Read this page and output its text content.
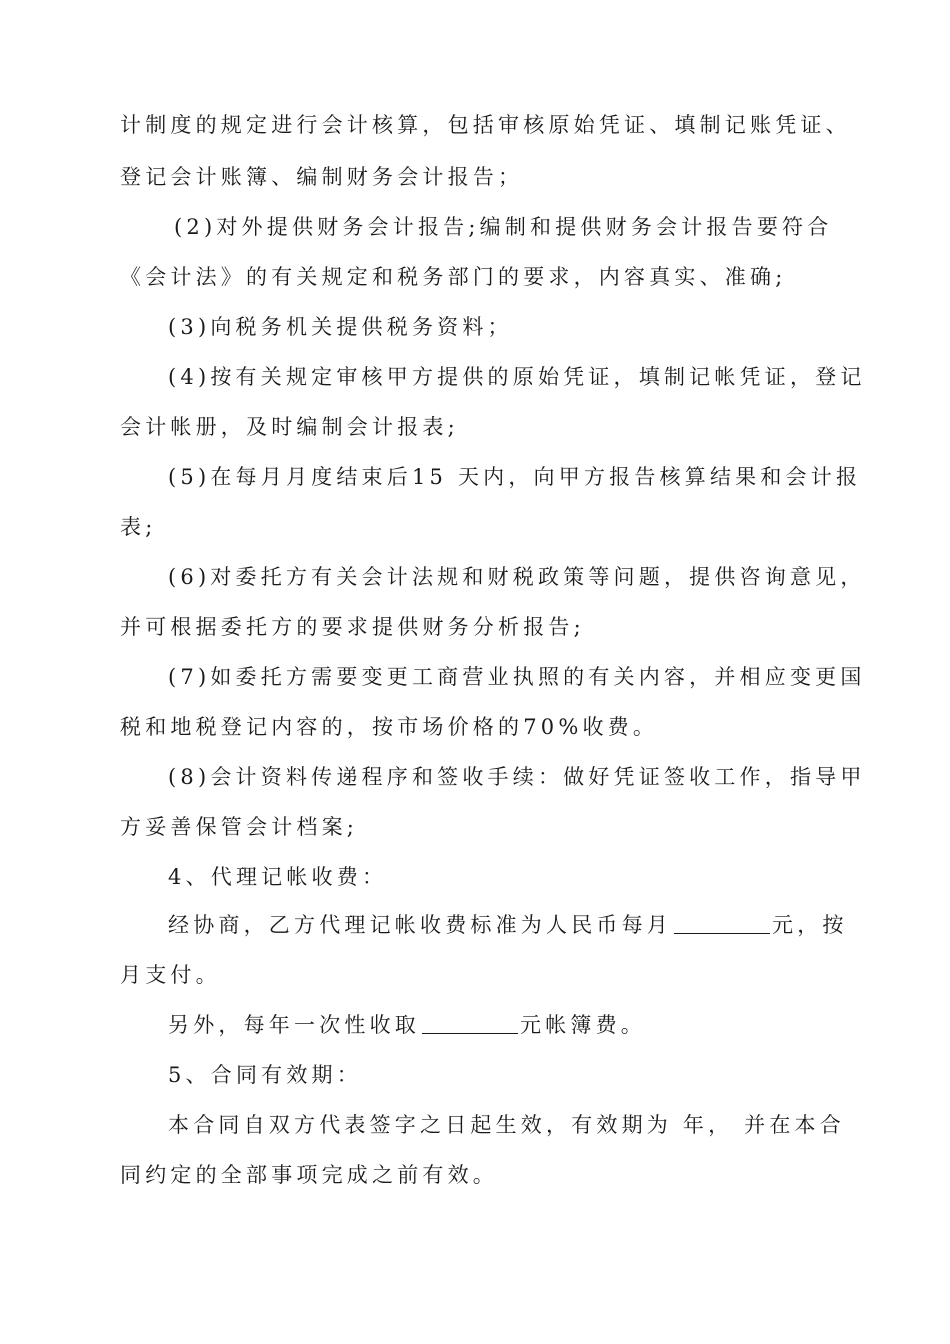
计制度的规定进行会计核算，包括审核原始凭证、填制记账凭证、
登记会计账簿、编制财务会计报告；
(2)对外提供财务会计报告;编制和提供财务会计报告要符合
《会计法》的有关规定和税务部门的要求，内容真实、准确;
(3)向税务机关提供税务资料；
(4)按有关规定审核甲方提供的原始凭证，填制记帐凭证，登记
会计帐册，及时编制会计报表;
(5)在每月月度结束后15 天内，向甲方报告核算结果和会计报
表;
(6)对委托方有关会计法规和财税政策等问题，提供咨询意见，
并可根据委托方的要求提供财务分析报告;
(7)如委托方需要变更工商营业执照的有关内容，并相应变更国
税和地税登记内容的，按市场价格的70%收费。
(8)会计资料传递程序和签收手续：做好凭证签收工作，指导甲
方妥善保管会计档案;
4、代理记帐收费：
经协商，乙方代理记帐收费标准为人民币每月	元，按
月支付。
另外，每年一次性收取	元帐簿费。
5、合同有效期：
本合同自双方代表签字之日起生效，有效期为 年， 并在本合
同约定的全部事项完成之前有效。
